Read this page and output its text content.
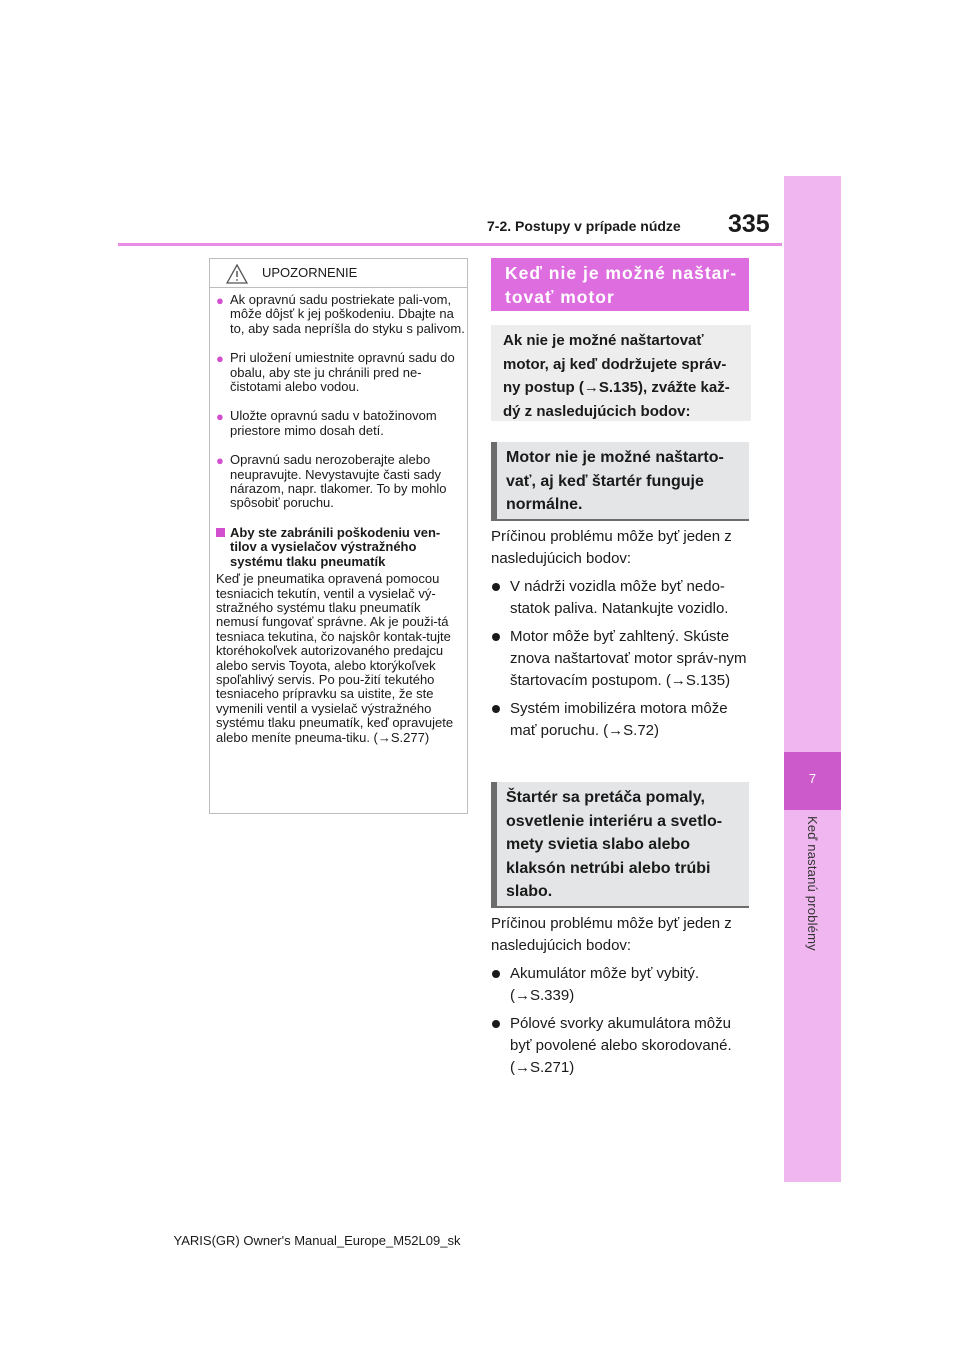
7-2. Postupy v prípade núdze 335
7
Keď nastanú problémy
UPOZORNENIE
● Ak opravnú sadu postriekate pali-vom, môže dôjsť k jej poškodeniu. Dbajte na to, aby sada nepríšla do styku s palivom.
● Pri uložení umiestnite opravnú sadu do obalu, aby ste ju chránili pred ne-čistotami alebo vodou.
● Uložte opravnú sadu v batožinovom priestore mimo dosah detí.
● Opravnú sadu nerozoberajte alebo neupravujte. Nevystavujte časti sady nárazom, napr. tlakomer. To by mohlo spôsobiť poruchu.
Aby ste zabránili poškodeniu ven-tilov a vysielačov výstražného systému tlaku pneumatík

Keď je pneumatika opravená pomocou tesniacich tekutín, ventil a vysielač vý-stražného systému tlaku pneumatík nemusí fungovať správne. Ak je použi-tá tesniaca tekutina, čo najskôr kontak-tujte ktoréhokoľvek autorizovaného predajcu alebo servis Toyota, alebo ktorýkoľvek spoľahlivý servis. Po pou-žití tekutého tesniaceho prípravku sa uistite, že ste vymenili ventil a vysielač výstražného systému tlaku pneumatík, keď opravujete alebo meníte pneuma-tiku. (→S.277)

Keď nie je možné naštar-tovať motor
Ak nie je možné naštartovať motor, aj keď dodržujete správ-ny postup (→S.135), zvážte kaž-dý z nasledujúcich bodov:
Motor nie je možné naštarto-vať, aj keď štartér funguje normálne.
Príčinou problému môže byť jeden z nasledujúcich bodov:
V nádrži vozidla môže byť nedo-statok paliva. Natankujte vozidlo.
Motor môže byť zahltený. Skúste znova naštartovať motor správ-nym štartovacím postupom. (→S.135)
Systém imobilizéra motora môže mať poruchu. (→S.72)
Štartér sa pretáča pomaly, osvetlenie interiéru a svetlo-mety svietia slabo alebo klaksón netrúbi alebo trúbi slabo.
Príčinou problému môže byť jeden z nasledujúcich bodov:
Akumulátor môže byť vybitý. (→S.339)
Pólové svorky akumulátora môžu byť povolené alebo skorodované. (→S.271)
YARIS(GR) Owner's Manual_Europe_M52L09_sk
